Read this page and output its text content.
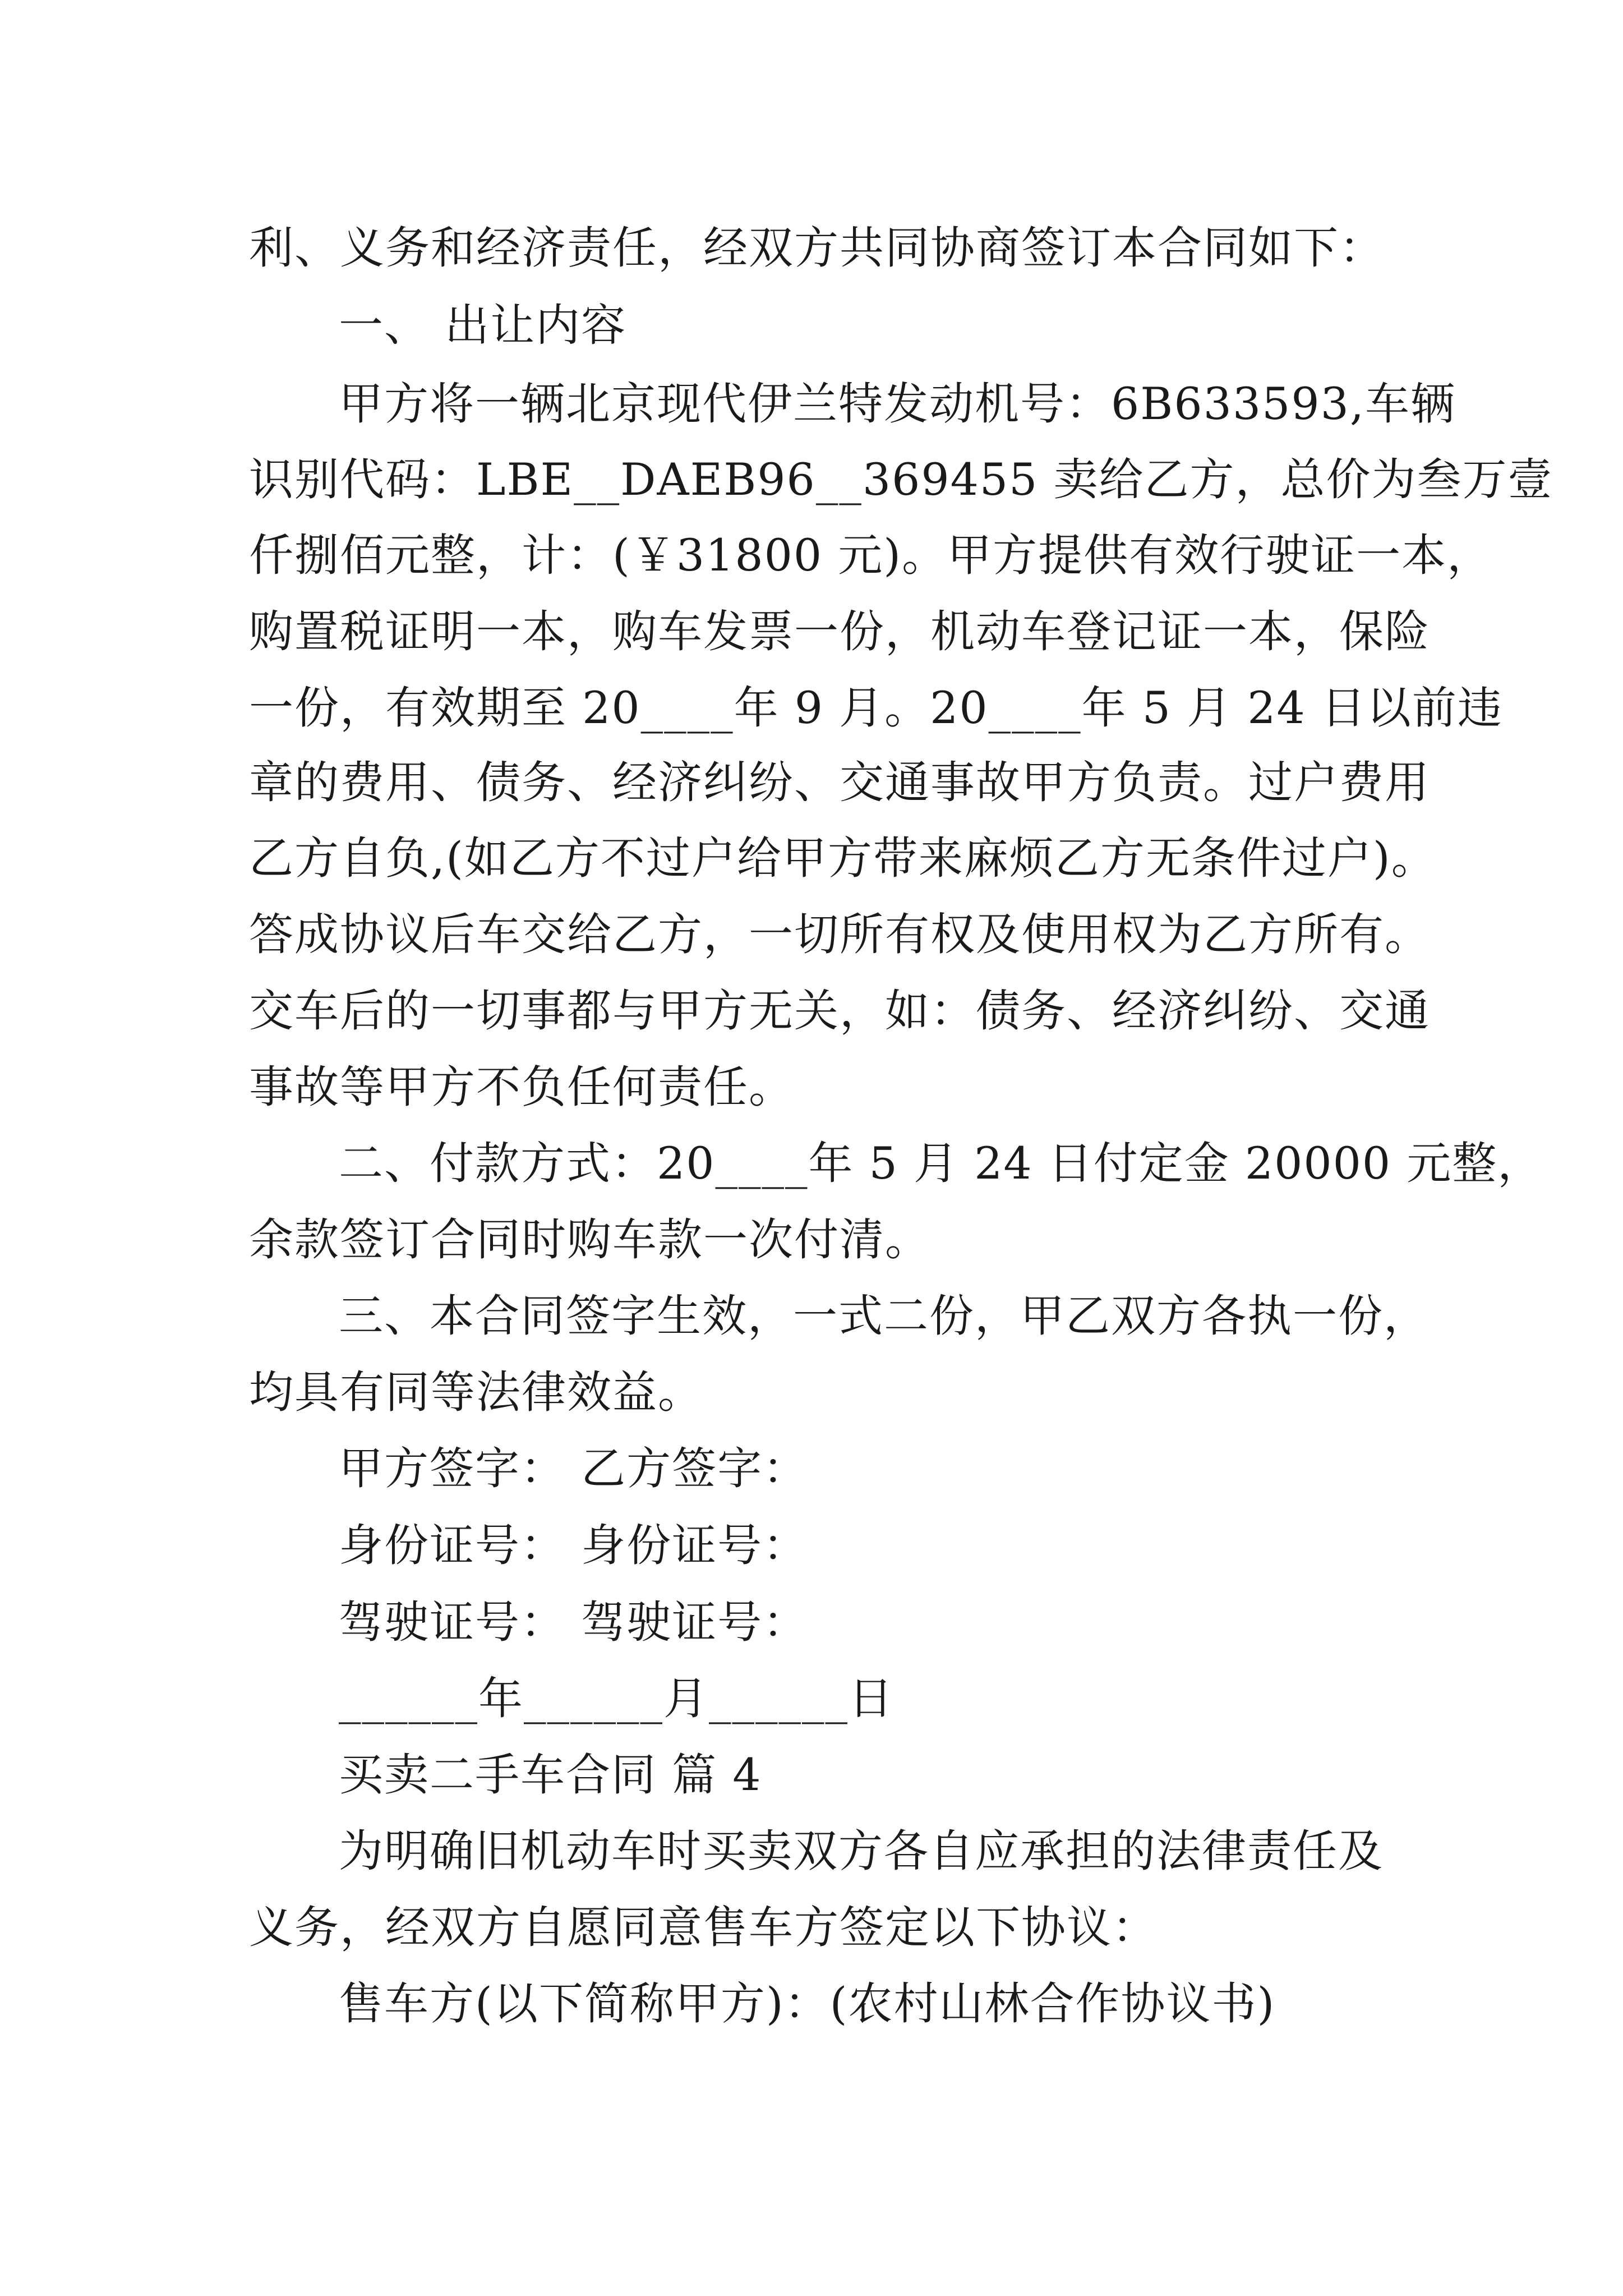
利、义务和经济责任，经双方共同协商签订本合同如下：
一、 出让内容
甲方将一辆北京现代伊兰特发动机号：6B633593,车辆
识别代码：LBE__DAEB96__369455 卖给乙方，总价为叁万壹
仟捌佰元整，计：(￥31800 元)。甲方提供有效行驶证一本，
购置税证明一本，购车发票一份，机动车登记证一本，保险
一份，有效期至 20____年 9 月。20____年 5 月 24 日以前违
章的费用、债务、经济纠纷、交通事故甲方负责。过户费用
乙方自负,(如乙方不过户给甲方带来麻烦乙方无条件过户)。
答成协议后车交给乙方，一切所有权及使用权为乙方所有。
交车后的一切事都与甲方无关，如：债务、经济纠纷、交通
事故等甲方不负任何责任。
二、付款方式：20____年 5 月 24 日付定金 20000 元整，
余款签订合同时购车款一次付清。
三、本合同签字生效，一式二份，甲乙双方各执一份，
均具有同等法律效益。
甲方签字： 乙方签字：
身份证号： 身份证号：
驾驶证号： 驾驶证号：
______年______月______日
买卖二手车合同 篇 4
为明确旧机动车时买卖双方各自应承担的法律责任及
义务，经双方自愿同意售车方签定以下协议：
售车方(以下简称甲方)：(农村山林合作协议书)
